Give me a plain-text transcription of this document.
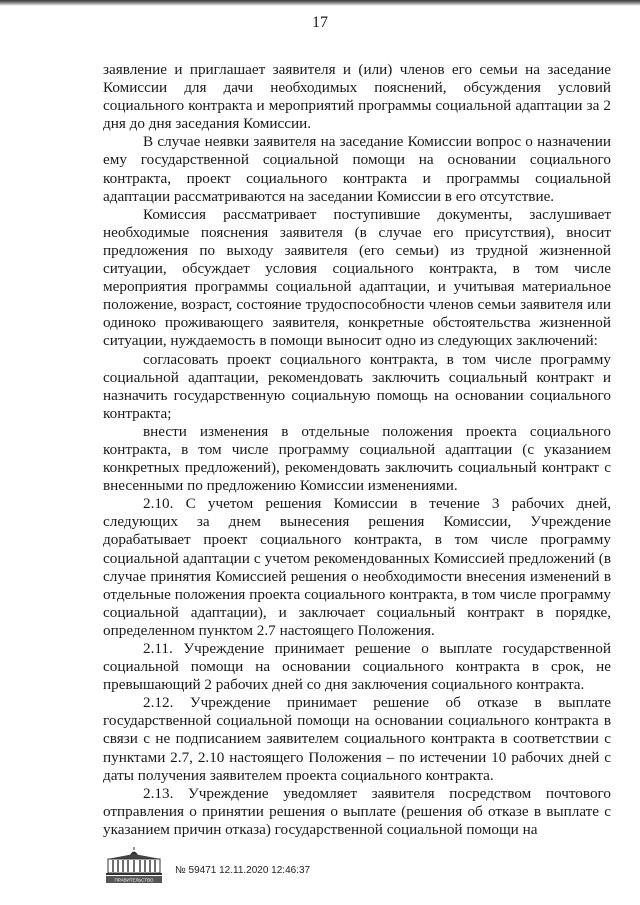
17

заявление и приглашает заявителя и (или) членов его семьи на заседание Комиссии для дачи необходимых пояснений, обсуждения условий социального контракта и мероприятий программы социальной адаптации за 2 дня до дня заседания Комиссии.

В случае неявки заявителя на заседание Комиссии вопрос о назначении ему государственной социальной помощи на основании социального контракта, проект социального контракта и программы социальной адаптации рассматриваются на заседании Комиссии в его отсутствие.

Комиссия рассматривает поступившие документы, заслушивает необходимые пояснения заявителя (в случае его присутствия), вносит предложения по выходу заявителя (его семьи) из трудной жизненной ситуации, обсуждает условия социального контракта, в том числе мероприятия программы социальной адаптации, и учитывая материальное положение, возраст, состояние трудоспособности членов семьи заявителя или одиноко проживающего заявителя, конкретные обстоятельства жизненной ситуации, нуждаемость в помощи выносит одно из следующих заключений:

согласовать проект социального контракта, в том числе программу социальной адаптации, рекомендовать заключить социальный контракт и назначить государственную социальную помощь на основании социального контракта;

внести изменения в отдельные положения проекта социального контракта, в том числе программу социальной адаптации (с указанием конкретных предложений), рекомендовать заключить социальный контракт с внесенными по предложению Комиссии изменениями.

2.10. С учетом решения Комиссии в течение 3 рабочих дней, следующих за днем вынесения решения Комиссии, Учреждение дорабатывает проект социального контракта, в том числе программу социальной адаптации с учетом рекомендованных Комиссией предложений (в случае принятия Комиссией решения о необходимости внесения изменений в отдельные положения проекта социального контракта, в том числе программу социальной адаптации), и заключает социальный контракт в порядке, определенном пунктом 2.7 настоящего Положения.

2.11. Учреждение принимает решение о выплате государственной социальной помощи на основании социального контракта в срок, не превышающий 2 рабочих дней со дня заключения социального контракта.

2.12. Учреждение принимает решение об отказе в выплате государственной социальной помощи на основании социального контракта в связи с не подписанием заявителем социального контракта в соответствии с пунктами 2.7, 2.10 настоящего Положения – по истечении 10 рабочих дней с даты получения заявителем проекта социального контракта.

2.13. Учреждение уведомляет заявителя посредством почтового отправления о принятии решения о выплате (решения об отказе в выплате с указанием причин отказа) государственной социальной помощи на

ПРАВИТЕЛЬСТВО
№ 59471 12.11.2020 12:46:37
